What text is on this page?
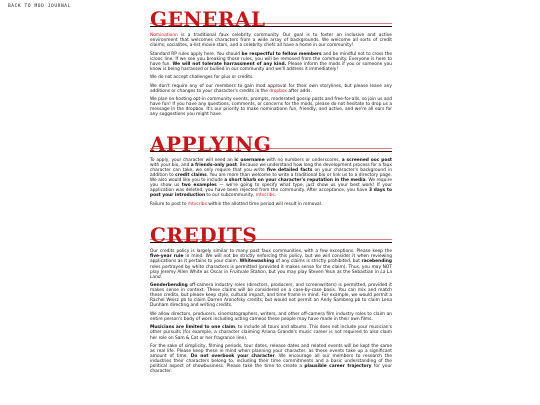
BACK TO MOD JOURNAL
GENERAL

Nominationn is a traditional faux celebrity community. Our goal is to foster an inclusive and active environment that welcomes characters from a wide array of backgrounds. We welcome all sorts of credit claims; socialites, a-list movie stars, and a celebrity chefs all have a home in our community!

Standard RP rules apply here. You should be respectful to fellow members and be mindful not to cross the ic/ooc line. If we see you breaking those rules, you will be removed from the community. Everyone is here to have fun. We will not tolerate harrassment of any kind. Please inform the mods if you or someone you know is being harrassed or bullied in our community and we'll address it immediately!

We do not accept challenges for plus or credits.

We don't require any of our members to gain mod approval for their own storylines, but please leave any additions or changes to your character's credits in the dropbox after adds.

We plan on hosting opt-in community events, prompts, moderated gossip posts and free-for-alls, so join us and have fun! If you have any questions, comments, or concerns for the mods, please do not hesitate to drop us a message in the dropbox. It's our priority to make nominationn fun, friendly, and active, and we're all ears for any suggestions you might have.

APPLYING

To apply, your character will need an ic username with no numbers or underscores, a screened ooc post with your bio, and a friends-only post. Because we understand how long the development process for a faux character can take, we only require that you write five detailed facts on your character's background in addition to credit claims. You are more than welcome to write a traditional bio or link us to a directory page. We also would like you to include a short blurb on your character's reputation in the media. We require you show us two examples — we're going to specify what type, just show us your best work! If your application was deleted, you have been rejected from the community. After acceptance, you have 3 days to post your introduction to our subcommunity, mtvcribs.

Failure to post to mtvcribs within the allotted time period will result in removal.

CREDITS

Our credits policy is largely similar to many past faux communities, with a few exceptions. Please keep the five-year rule in mind. We will not be strictly enforcing this policy, but we will consider it when reviewing applications as it pertains to your claim. Whitewashing of any claims is strictly prohibited, but racebending roles portrayed by white characters is permitted (provided it makes sense for the claim). Thus, you may NOT play Jeremy Allen White as Oscar in Fruitvale Station, but you may play Steven Yeun as the Sebastian in La La Land.

Genderbending off-camera industry roles (directors, producers, and screenwriters) is permitted, provided it makes sense in context. These claims will be considered on a case-by-case basis. You can mix and match these credits, but please keep style, cultural impact, and time frame in mind. For example, we would permit a Rachel Weisz pb to claim Darren Aronofsky credits, but would not permit an Andy Samberg pb to claim Lena Dunham directing and writing credits.

We allow directors, producers, cinematographers, writers, and other off-camera film industry roles to claim an entire person's body of work including acting cameos these people may have made in their own films.

Musicians are limited to one claim, to include all tours and albums. This does not include your musician's other pursuits (for example, a character claiming Ariana Grande's music career is not required to also claim her role on Sam & Cat or her fragrance line).

For the sake of simplicity, filming periods, tour dates, release dates and related events will be kept the same as real life. Please keep these in mind when planning your character, as these events take up a significant amount of time. Do not overbook your character. We encourage all our members to research the industries their characters belong to, including their time commitments and a basic understanding of the political aspect of showbusiness. Please take the time to create a plausible career trajectory for your character.
